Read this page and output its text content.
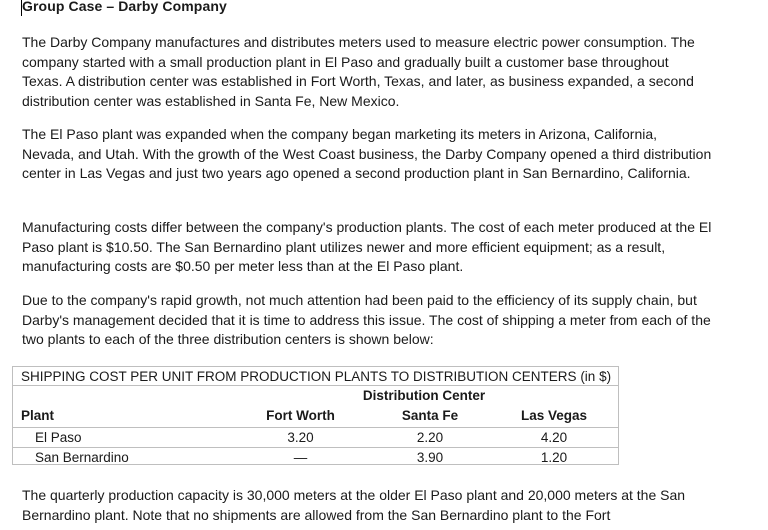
Group Case – Darby Company

The Darby Company manufactures and distributes meters used to measure electric power consumption. The company started with a small production plant in El Paso and gradually built a customer base throughout Texas. A distribution center was established in Fort Worth, Texas, and later, as business expanded, a second distribution center was established in Santa Fe, New Mexico.

The El Paso plant was expanded when the company began marketing its meters in Arizona, California, Nevada, and Utah. With the growth of the West Coast business, the Darby Company opened a third distribution center in Las Vegas and just two years ago opened a second production plant in San Bernardino, California.

Manufacturing costs differ between the company's production plants. The cost of each meter produced at the El Paso plant is $10.50. The San Bernardino plant utilizes newer and more efficient equipment; as a result, manufacturing costs are $0.50 per meter less than at the El Paso plant.

Due to the company's rapid growth, not much attention had been paid to the efficiency of its supply chain, but Darby's management decided that it is time to address this issue. The cost of shipping a meter from each of the two plants to each of the three distribution centers is shown below:

SHIPPING COST PER UNIT FROM PRODUCTION PLANTS TO DISTRIBUTION CENTERS (in $)
Distribution Center
Plant	Fort Worth	Santa Fe	Las Vegas
El Paso	3.20	2.20	4.20
San Bernardino	—	3.90	1.20

The quarterly production capacity is 30,000 meters at the older El Paso plant and 20,000 meters at the San Bernardino plant. Note that no shipments are allowed from the San Bernardino plant to the Fort
